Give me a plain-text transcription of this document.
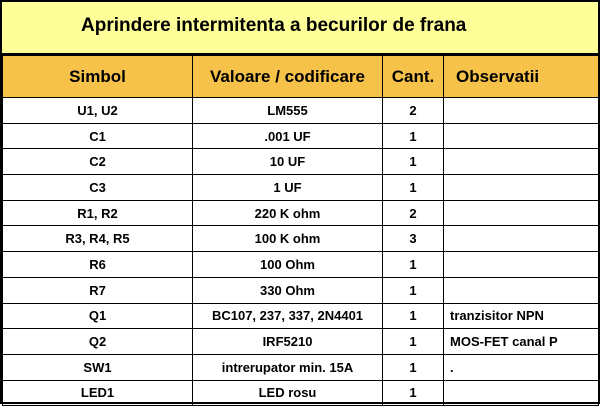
Aprindere intermitenta a becurilor de frana
Simbol	Valoare / codificare	Cant.	Observatii
U1, U2	LM555	2	
C1	.001 UF	1	
C2	10 UF	1	
C3	1 UF	1	
R1, R2	220 K ohm	2	
R3, R4, R5	100 K ohm	3	
R6	100 Ohm	1	
R7	330 Ohm	1	
Q1	BC107, 237, 337, 2N4401	1	tranzisitor NPN
Q2	IRF5210	1	MOS-FET canal P
SW1	intrerupator min. 15A	1	.
LED1	LED rosu	1	
